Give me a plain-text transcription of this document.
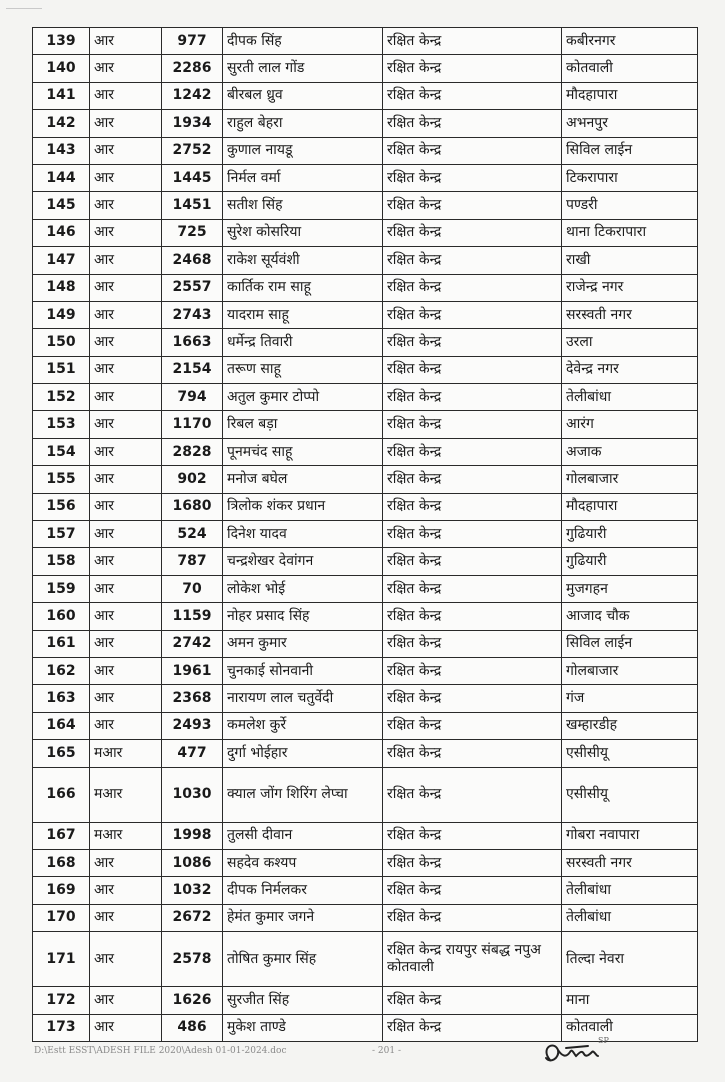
139	आर	977	दीपक सिंह	रक्षित केन्द्र	कबीरनगर
140	आर	2286	सुरती लाल गोंड	रक्षित केन्द्र	कोतवाली
141	आर	1242	बीरबल ध्रुव	रक्षित केन्द्र	मौदहापारा
142	आर	1934	राहुल बेहरा	रक्षित केन्द्र	अभनपुर
143	आर	2752	कुणाल नायडू	रक्षित केन्द्र	सिविल लाईन
144	आर	1445	निर्मल वर्मा	रक्षित केन्द्र	टिकरापारा
145	आर	1451	सतीश सिंह	रक्षित केन्द्र	पण्डरी
146	आर	725	सुरेश कोसरिया	रक्षित केन्द्र	थाना टिकरापारा
147	आर	2468	राकेश सूर्यवंशी	रक्षित केन्द्र	राखी
148	आर	2557	कार्तिक राम साहू	रक्षित केन्द्र	राजेन्द्र नगर
149	आर	2743	यादराम साहू	रक्षित केन्द्र	सरस्वती नगर
150	आर	1663	धर्मेन्द्र तिवारी	रक्षित केन्द्र	उरला
151	आर	2154	तरूण साहू	रक्षित केन्द्र	देवेन्द्र नगर
152	आर	794	अतुल कुमार टोप्पो	रक्षित केन्द्र	तेलीबांधा
153	आर	1170	रिबल बड़ा	रक्षित केन्द्र	आरंग
154	आर	2828	पूनमचंद साहू	रक्षित केन्द्र	अजाक
155	आर	902	मनोज बघेल	रक्षित केन्द्र	गोलबाजार
156	आर	1680	त्रिलोक शंकर प्रधान	रक्षित केन्द्र	मौदहापारा
157	आर	524	दिनेश यादव	रक्षित केन्द्र	गुढियारी
158	आर	787	चन्द्रशेखर देवांगन	रक्षित केन्द्र	गुढियारी
159	आर	70	लोकेश भोई	रक्षित केन्द्र	मुजगहन
160	आर	1159	नोहर प्रसाद सिंह	रक्षित केन्द्र	आजाद चौक
161	आर	2742	अमन कुमार	रक्षित केन्द्र	सिविल लाईन
162	आर	1961	चुनकाई सोनवानी	रक्षित केन्द्र	गोलबाजार
163	आर	2368	नारायण लाल चतुर्वेदी	रक्षित केन्द्र	गंज
164	आर	2493	कमलेश कुर्रे	रक्षित केन्द्र	खम्हारडीह
165	मआर	477	दुर्गा भोईहार	रक्षित केन्द्र	एसीसीयू
166	मआर	1030	क्याल जोंग शिरिंग लेप्चा	रक्षित केन्द्र	एसीसीयू
167	मआर	1998	तुलसी दीवान	रक्षित केन्द्र	गोबरा नवापारा
168	आर	1086	सहदेव कश्यप	रक्षित केन्द्र	सरस्वती नगर
169	आर	1032	दीपक निर्मलकर	रक्षित केन्द्र	तेलीबांधा
170	आर	2672	हेमंत कुमार जगने	रक्षित केन्द्र	तेलीबांधा
171	आर	2578	तोषित कुमार सिंह	रक्षित केन्द्र रायपुर संबद्ध नपुअ कोतवाली	तिल्दा नेवरा
172	आर	1626	सुरजीत सिंह	रक्षित केन्द्र	माना
173	आर	486	मुकेश ताण्डे	रक्षित केन्द्र	कोतवाली
D:\Estt ESST\ADESH FILE 2020\Adesh 01-01-2024.doc	- 201 -
SP
